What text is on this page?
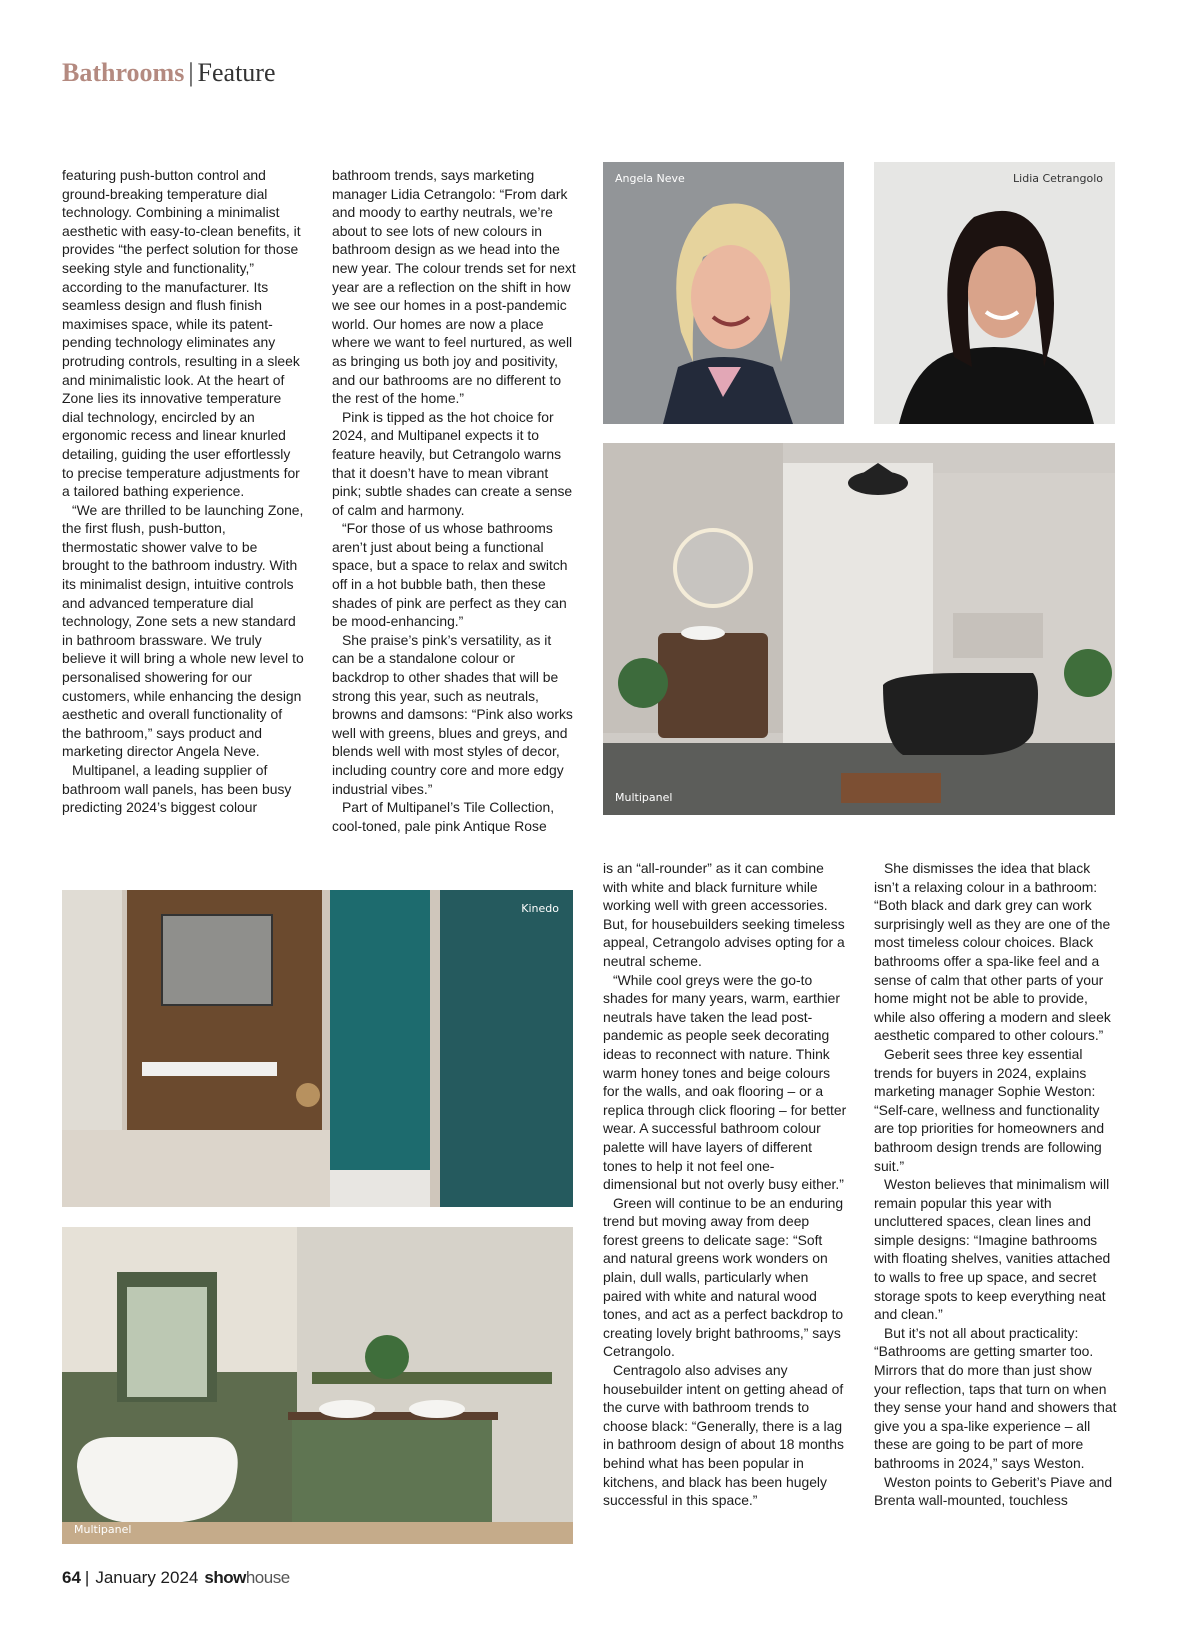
Bathrooms | Feature

featuring push-button control and ground-breaking temperature dial technology. Combining a minimalist aesthetic with easy-to-clean benefits, it provides “the perfect solution for those seeking style and functionality,” according to the manufacturer. Its seamless design and flush finish maximises space, while its patent-pending technology eliminates any protruding controls, resulting in a sleek and minimalistic look. At the heart of Zone lies its innovative temperature dial technology, encircled by an ergonomic recess and linear knurled detailing, guiding the user effortlessly to precise temperature adjustments for a tailored bathing experience.

“We are thrilled to be launching Zone, the first flush, push-button, thermostatic shower valve to be brought to the bathroom industry. With its minimalist design, intuitive controls and advanced temperature dial technology, Zone sets a new standard in bathroom brassware. We truly believe it will bring a whole new level to personalised showering for our customers, while enhancing the design aesthetic and overall functionality of the bathroom,” says product and marketing director Angela Neve.

Multipanel, a leading supplier of bathroom wall panels, has been busy predicting 2024’s biggest colour

bathroom trends, says marketing manager Lidia Cetrangolo: “From dark and moody to earthy neutrals, we’re about to see lots of new colours in bathroom design as we head into the new year. The colour trends set for next year are a reflection on the shift in how we see our homes in a post-pandemic world. Our homes are now a place where we want to feel nurtured, as well as bringing us both joy and positivity, and our bathrooms are no different to the rest of the home.”

Pink is tipped as the hot choice for 2024, and Multipanel expects it to feature heavily, but Cetrangolo warns that it doesn’t have to mean vibrant pink; subtle shades can create a sense of calm and harmony.

“For those of us whose bathrooms aren’t just about being a functional space, but a space to relax and switch off in a hot bubble bath, then these shades of pink are perfect as they can be mood-enhancing.”

She praise’s pink’s versatility, as it can be a standalone colour or backdrop to other shades that will be strong this year, such as neutrals, browns and damsons: “Pink also works well with greens, blues and greys, and blends well with most styles of decor, including country core and more edgy industrial vibes.”

Part of Multipanel’s Tile Collection, cool-toned, pale pink Antique Rose

Angela Neve	Lidia Cetrangolo
Multipanel
Kinedo
Multipanel

is an “all-rounder” as it can combine with white and black furniture while working well with green accessories. But, for housebuilders seeking timeless appeal, Cetrangolo advises opting for a neutral scheme.

“While cool greys were the go-to shades for many years, warm, earthier neutrals have taken the lead post-pandemic as people seek decorating ideas to reconnect with nature. Think warm honey tones and beige colours for the walls, and oak flooring – or a replica through click flooring – for better wear. A successful bathroom colour palette will have layers of different tones to help it not feel one-dimensional but not overly busy either.”

Green will continue to be an enduring trend but moving away from deep forest greens to delicate sage: “Soft and natural greens work wonders on plain, dull walls, particularly when paired with white and natural wood tones, and act as a perfect backdrop to creating lovely bright bathrooms,” says Cetrangolo.

Centragolo also advises any housebuilder intent on getting ahead of the curve with bathroom trends to choose black: “Generally, there is a lag in bathroom design of about 18 months behind what has been popular in kitchens, and black has been hugely successful in this space.”

She dismisses the idea that black isn’t a relaxing colour in a bathroom: “Both black and dark grey can work surprisingly well as they are one of the most timeless colour choices. Black bathrooms offer a spa-like feel and a sense of calm that other parts of your home might not be able to provide, while also offering a modern and sleek aesthetic compared to other colours.”

Geberit sees three key essential trends for buyers in 2024, explains marketing manager Sophie Weston: “Self-care, wellness and functionality are top priorities for homeowners and bathroom design trends are following suit.”

Weston believes that minimalism will remain popular this year with uncluttered spaces, clean lines and simple designs: “Imagine bathrooms with floating shelves, vanities attached to walls to free up space, and secret storage spots to keep everything neat and clean.”

But it’s not all about practicality: “Bathrooms are getting smarter too. Mirrors that do more than just show your reflection, taps that turn on when they sense your hand and showers that give you a spa-like experience – all these are going to be part of more bathrooms in 2024,” says Weston.

Weston points to Geberit’s Piave and Brenta wall-mounted, touchless

64 | January 2024 show house
